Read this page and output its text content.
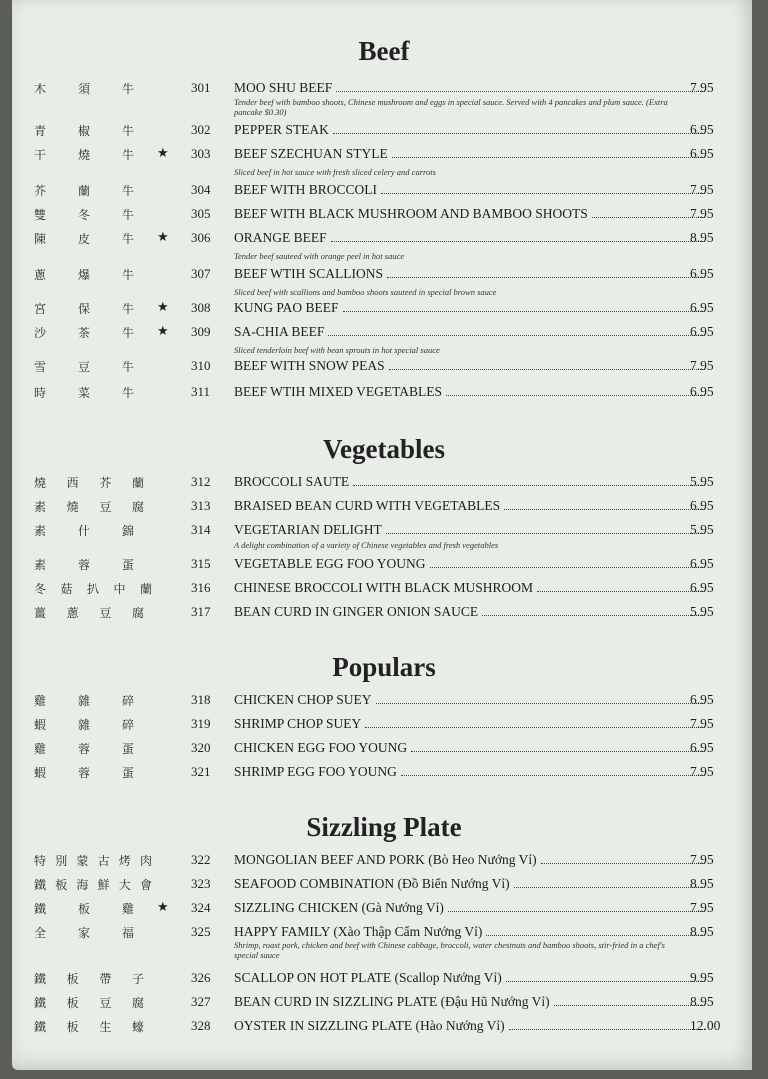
Beef
木	須	牛	301 MOO SHU BEEF	7.95
Tender beef with bamboo shoots, Chinese mushroom and eggs in special sauce. Served with 4 pancakes and plum sauce. (Extra pancake $0.30)
青	椒	牛	302 PEPPER STEAK	6.95
干	燒	牛 ★ 303 BEEF SZECHUAN STYLE	6.95
Sliced beef in hot sauce with fresh sliced celery and carrots
芥	蘭	牛	304 BEEF WITH BROCCOLI	7.95
雙	冬	牛	305 BEEF WITH BLACK MUSHROOM AND BAMBOO SHOOTS	7.95
陳	皮	牛 ★ 306 ORANGE BEEF	8.95
Tender beef sauteed with orange peel in hot sauce
蔥	爆	牛	307 BEEF WTIH SCALLIONS	6.95
Sliced beef with scallions and bamboo shoots sauteed in special brown sauce
宮	保	牛 ★ 308 KUNG PAO BEEF	6.95
沙	茶	牛 ★ 309 SA-CHIA BEEF	6.95
Sliced tenderloin beef with bean sprouts in hot special sauce
雪	豆	牛	310 BEEF WITH SNOW PEAS	7.95
時	菜	牛	311 BEEF WTIH MIXED VEGETABLES	6.95
Vegetables
燒 西 芥 蘭	312 BROCCOLI SAUTE	5.95
素 燒 豆 腐	313 BRAISED BEAN CURD WITH VEGETABLES	6.95
素	什	錦	314 VEGETARIAN DELIGHT	5.95
A delight combination of a variety of Chinese vegetables and fresh vegetables
素	蓉	蛋	315 VEGETABLE EGG FOO YOUNG	6.95
冬 菇 扒 中 蘭	316 CHINESE BROCCOLI WITH BLACK MUSHROOM	6.95
薑 蔥 豆 腐	317 BEAN CURD IN GINGER ONION SAUCE	5.95
Populars
雞	雜	碎	318 CHICKEN CHOP SUEY	6.95
蝦	雜	碎	319 SHRIMP CHOP SUEY	7.95
雞	蓉	蛋	320 CHICKEN EGG FOO YOUNG	6.95
蝦	蓉	蛋	321 SHRIMP EGG FOO YOUNG	7.95
Sizzling Plate
特 別 蒙 古 烤 肉	322 MONGOLIAN BEEF AND PORK (Bò Heo Nướng Vỉ)	7.95
鐵 板 海 鮮 大 會	323 SEAFOOD COMBINATION (Đồ Biển Nướng Vỉ)	8.95
鐵	板	雞 ★ 324 SIZZLING CHICKEN (Gà Nướng Vỉ)	7.95
全	家	福	325 HAPPY FAMILY (Xào Thập Cẩm Nướng Vỉ)	8.95
Shrimp, roast pork, chicken and beef with Chinese cabbage, broccoli, water chestnuts and bamboo shoots, stir-fried in a chef's special sauce
鐵 板 帶 子	326 SCALLOP ON HOT PLATE (Scallop Nướng Vỉ)	9.95
鐵 板 豆 腐	327 BEAN CURD IN SIZZLING PLATE (Đậu Hũ Nướng Vỉ)	8.95
鐵 板 生 蠔	328 OYSTER IN SIZZLING PLATE (Hào Nướng Vỉ)	12.00
